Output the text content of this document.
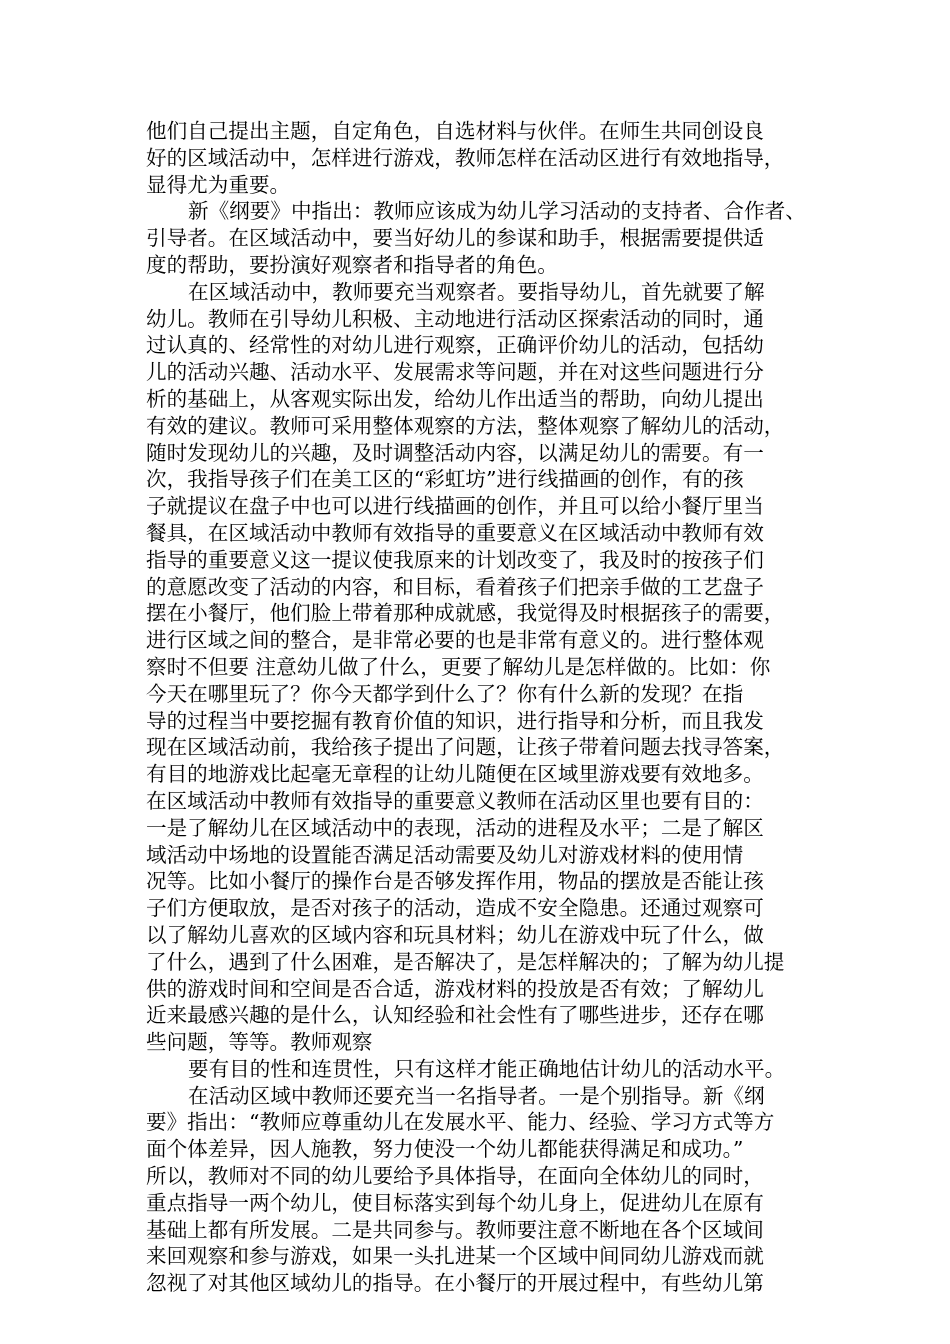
他们自己提出主题，自定角色，自选材料与伙伴。在师生共同创设良
好的区域活动中，怎样进行游戏，教师怎样在活动区进行有效地指导，
显得尤为重要。
新《纲要》中指出：教师应该成为幼儿学习活动的支持者、合作者、
引导者。在区域活动中，要当好幼儿的参谋和助手，根据需要提供适
度的帮助，要扮演好观察者和指导者的角色。
在区域活动中，教师要充当观察者。要指导幼儿，首先就要了解
幼儿。教师在引导幼儿积极、主动地进行活动区探索活动的同时，通
过认真的、经常性的对幼儿进行观察，正确评价幼儿的活动，包括幼
儿的活动兴趣、活动水平、发展需求等问题，并在对这些问题进行分
析的基础上，从客观实际出发，给幼儿作出适当的帮助，向幼儿提出
有效的建议。教师可采用整体观察的方法，整体观察了解幼儿的活动，
随时发现幼儿的兴趣，及时调整活动内容，以满足幼儿的需要。有一
次，我指导孩子们在美工区的“彩虹坊”进行线描画的创作，有的孩
子就提议在盘子中也可以进行线描画的创作，并且可以给小餐厅里当
餐具，在区域活动中教师有效指导的重要意义在区域活动中教师有效
指导的重要意义这一提议使我原来的计划改变了，我及时的按孩子们
的意愿改变了活动的内容，和目标，看着孩子们把亲手做的工艺盘子
摆在小餐厅，他们脸上带着那种成就感，我觉得及时根据孩子的需要，
进行区域之间的整合，是非常必要的也是非常有意义的。进行整体观
察时不但要 注意幼儿做了什么，更要了解幼儿是怎样做的。比如：你
今天在哪里玩了？你今天都学到什么了？你有什么新的发现？在指
导的过程当中要挖掘有教育价值的知识，进行指导和分析，而且我发
现在区域活动前，我给孩子提出了问题，让孩子带着问题去找寻答案，
有目的地游戏比起毫无章程的让幼儿随便在区域里游戏要有效地多。
在区域活动中教师有效指导的重要意义教师在活动区里也要有目的：
一是了解幼儿在区域活动中的表现，活动的进程及水平；二是了解区
域活动中场地的设置能否满足活动需要及幼儿对游戏材料的使用情
况等。比如小餐厅的操作台是否够发挥作用，物品的摆放是否能让孩
子们方便取放，是否对孩子的活动，造成不安全隐患。还通过观察可
以了解幼儿喜欢的区域内容和玩具材料；幼儿在游戏中玩了什么，做
了什么，遇到了什么困难，是否解决了，是怎样解决的；了解为幼儿提
供的游戏时间和空间是否合适，游戏材料的投放是否有效；了解幼儿
近来最感兴趣的是什么，认知经验和社会性有了哪些进步，还存在哪
些问题，等等。教师观察
要有目的性和连贯性，只有这样才能正确地估计幼儿的活动水平。
在活动区域中教师还要充当一名指导者。一是个别指导。新《纲
要》指出：“教师应尊重幼儿在发展水平、能力、经验、学习方式等方
面个体差异，因人施教，努力使没一个幼儿都能获得满足和成功。”
所以，教师对不同的幼儿要给予具体指导，在面向全体幼儿的同时，
重点指导一两个幼儿，使目标落实到每个幼儿身上，促进幼儿在原有
基础上都有所发展。二是共同参与。教师要注意不断地在各个区域间
来回观察和参与游戏，如果一头扎进某一个区域中间同幼儿游戏而就
忽视了对其他区域幼儿的指导。在小餐厅的开展过程中，有些幼儿第
